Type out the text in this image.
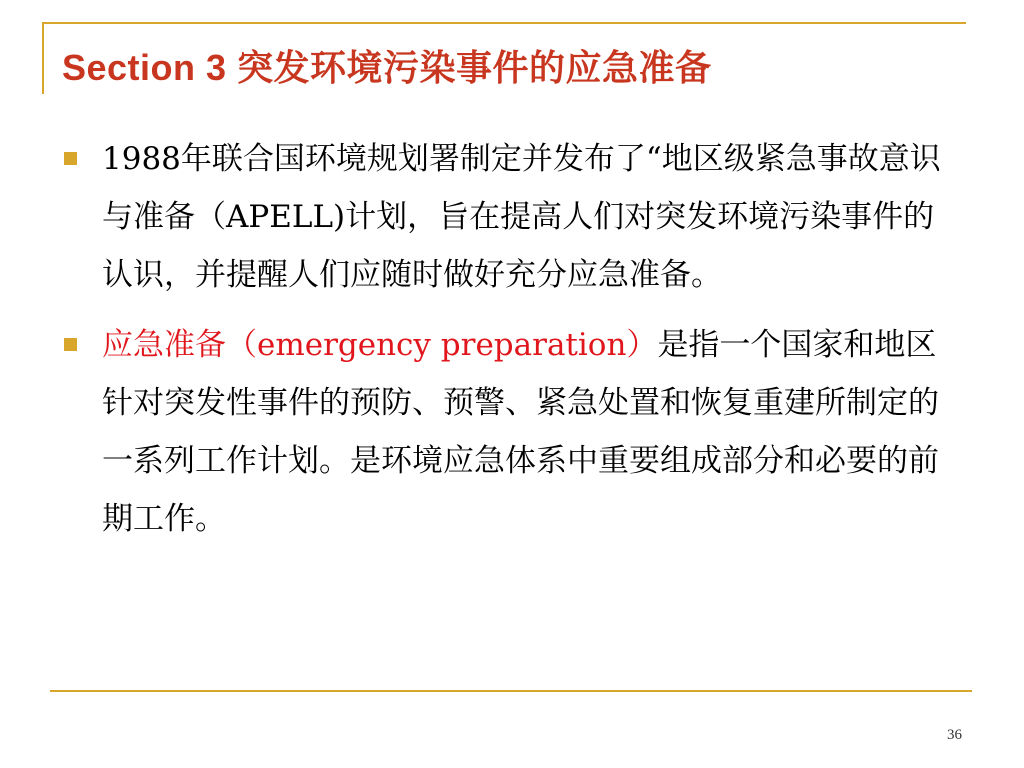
Section 3 突发环境污染事件的应急准备
1988年联合国环境规划署制定并发布了“地区级紧急事故意识与准备（APELL)计划，旨在提高人们对突发环境污染事件的认识，并提醒人们应随时做好充分应急准备。
应急准备（emergency preparation）是指一个国家和地区针对突发性事件的预防、预警、紧急处置和恢复重建所制定的一系列工作计划。是环境应急体系中重要组成部分和必要的前期工作。
36
